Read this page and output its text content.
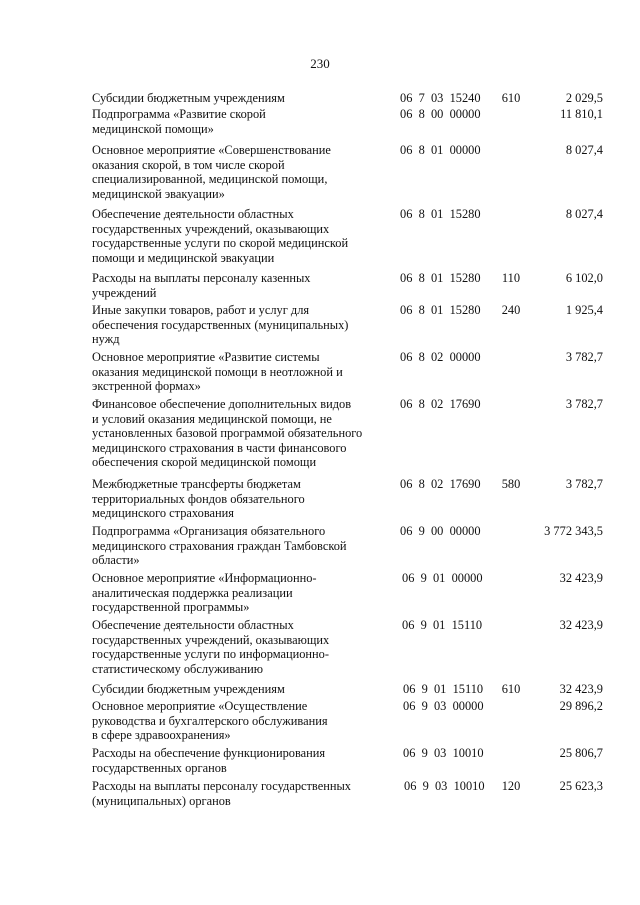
230
Субсидии бюджетным учреждениям	06  7  03  15240 610	2 029,5
Подпрограмма «Развитие скорой
медицинской помощи»
06  8  00  00000	11 810,1
Основное мероприятие «Совершенствование
оказания скорой, в том числе скорой
специализированной, медицинской помощи,
медицинской эвакуации»
06  8  01  00000	8 027,4
Обеспечение деятельности областных
государственных учреждений, оказывающих
государственные услуги по скорой медицинской
помощи и медицинской эвакуации
06  8  01  15280	8 027,4
Расходы на выплаты персоналу казенных
учреждений
06  8  01  15280 110	6 102,0
Иные закупки товаров, работ и услуг для
обеспечения государственных (муниципальных)
нужд
06  8  01  15280 240	1 925,4
Основное мероприятие «Развитие системы
оказания медицинской помощи в неотложной и
экстренной формах»
06  8  02  00000	3 782,7
Финансовое обеспечение дополнительных видов
и условий оказания медицинской помощи, не
установленных базовой программой обязательного
медицинского страхования в части финансового
обеспечения скорой медицинской помощи
06  8  02  17690	3 782,7
Межбюджетные трансферты бюджетам
территориальных фондов обязательного
медицинского страхования
06  8  02  17690 580	3 782,7
Подпрограмма «Организация обязательного
медицинского страхования граждан Тамбовской
области»
06  9  00  00000	3 772 343,5
Основное мероприятие «Информационно-
аналитическая поддержка реализации
государственной программы»
06  9  01  00000	32 423,9
Обеспечение деятельности областных
государственных учреждений, оказывающих
государственные услуги по информационно-
статистическому обслуживанию
06  9  01  15110	32 423,9
Субсидии бюджетным учреждениям	06  9  01  15110 610	32 423,9
Основное мероприятие «Осуществление
руководства и бухгалтерского обслуживания
в сфере здравоохранения»
06  9  03  00000	29 896,2
Расходы на обеспечение функционирования
государственных органов
06  9  03  10010	25 806,7
Расходы на выплаты персоналу государственных
(муниципальных) органов
06  9  03  10010 120	25 623,3
